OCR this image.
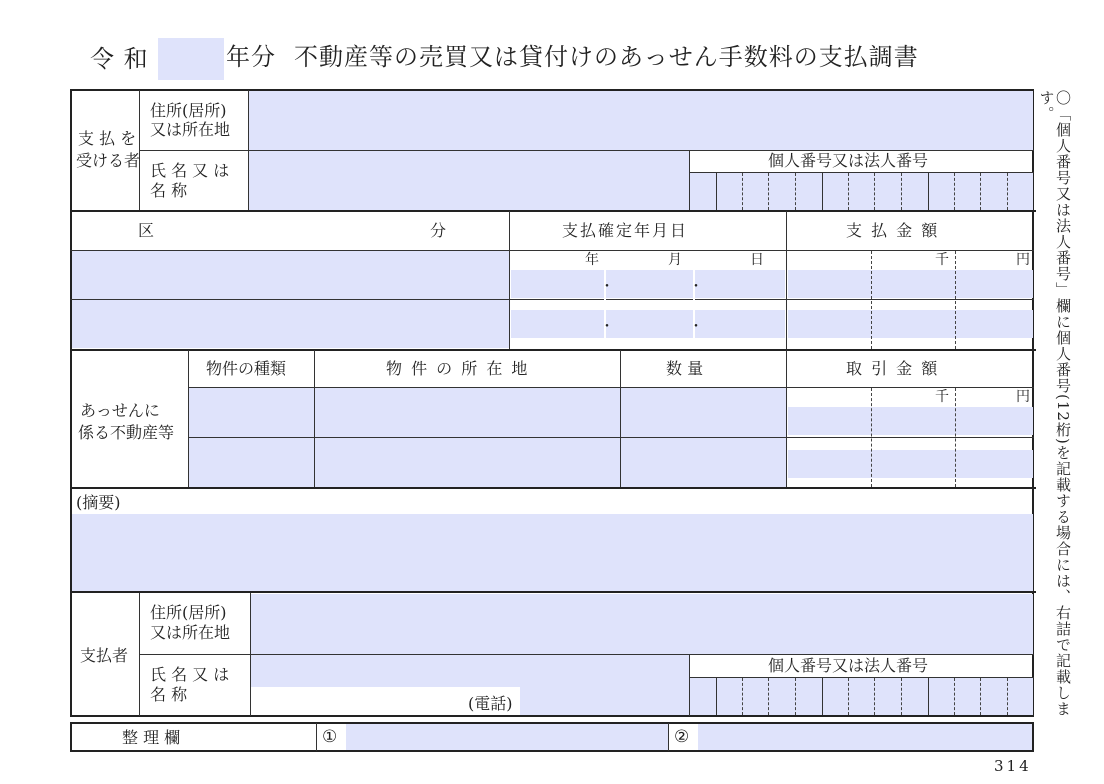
令 和	年分 不動産等の売買又は貸付けのあっせん手数料の支払調書
支 払 を
受ける者
住所(居所)
又は所在地
氏 名 又 は
名 称
個人番号又は法人番号
区	分	支払確定年月日	支 払 金 額
年	月	日
・	・
・	・
千	円
あっせんに
係る不動産等
物件の種類	物 件 の 所 在 地	数 量	取 引 金 額
千	円
(摘要)
支払者
住所(居所)
又は所在地
氏 名 又 は
名 称	(電話)
個人番号又は法人番号
整 理 欄	①	②
〇「個人番号又は法人番号」欄に個人番号(12桁)を記載する場合には、右詰で記載します。
314
